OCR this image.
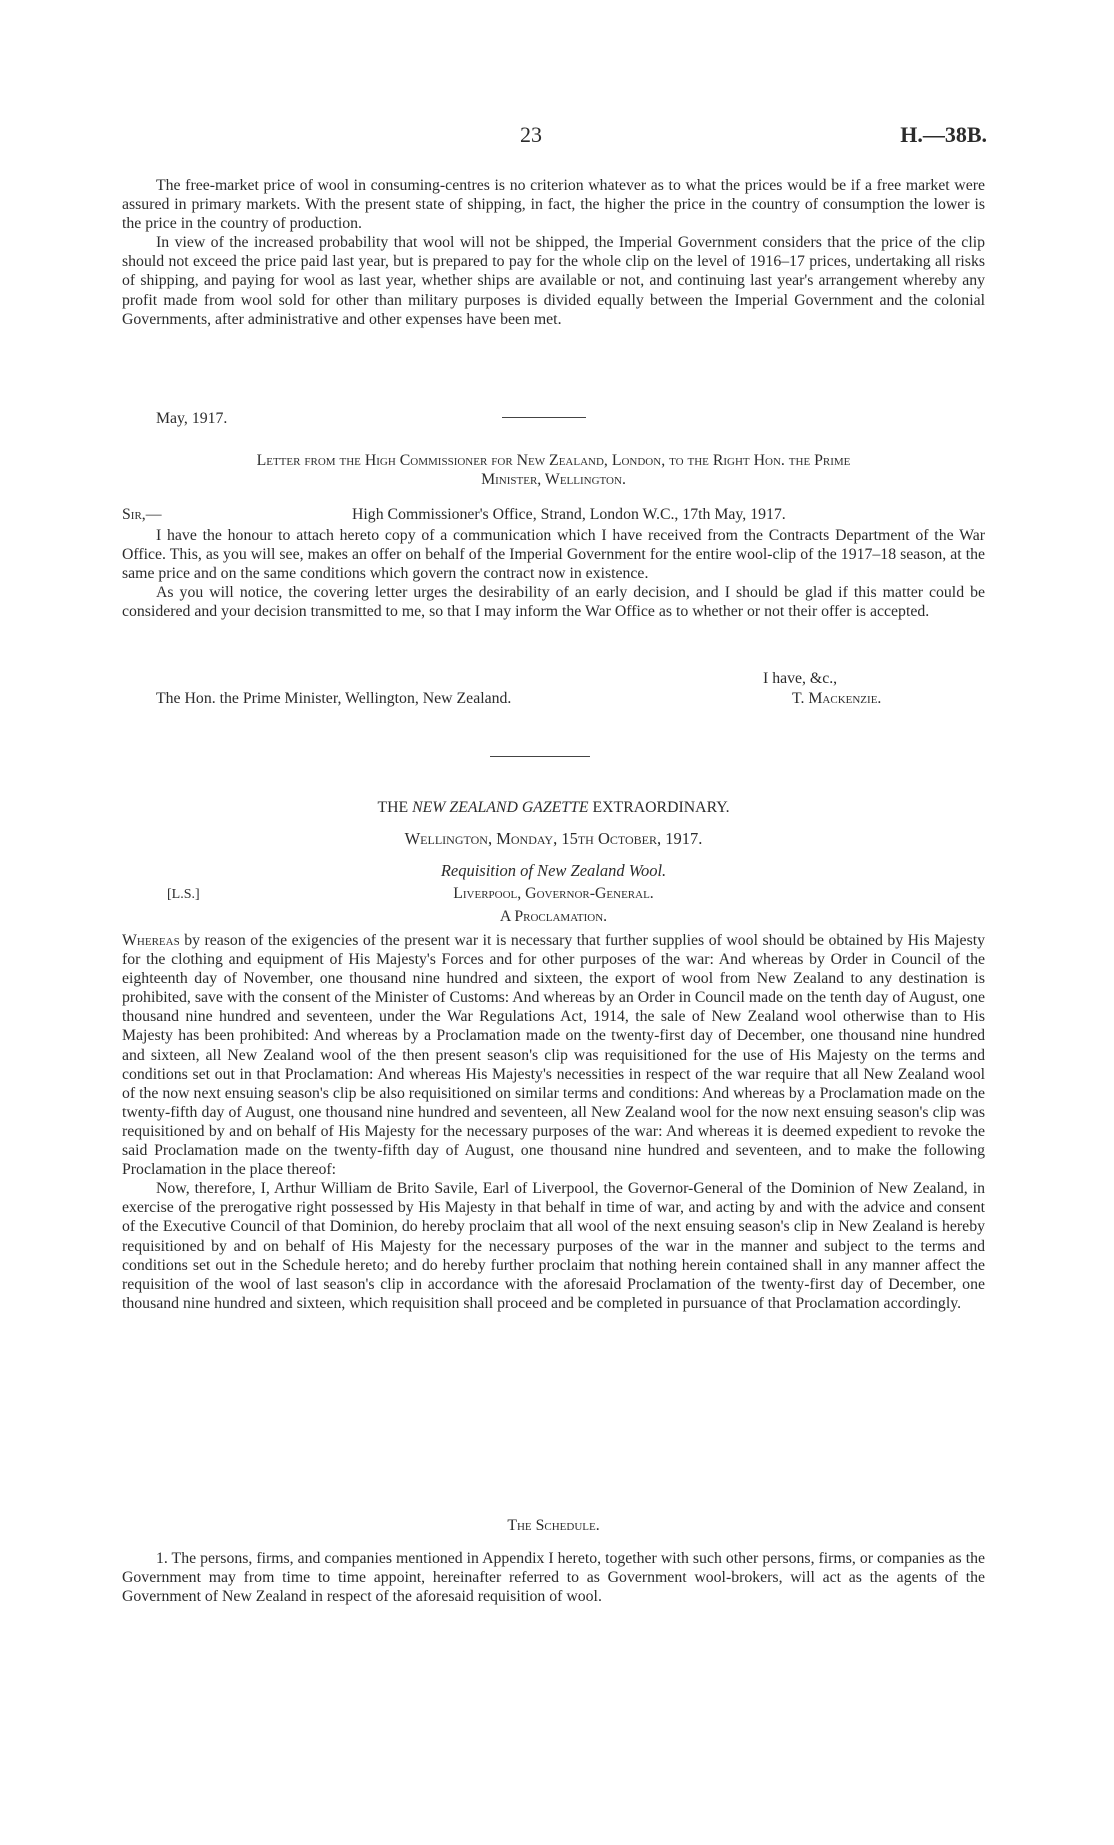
23	H.—38B.

The free-market price of wool in consuming-centres is no criterion whatever as to what the prices would be if a free market were assured in primary markets. With the present state of shipping, in fact, the higher the price in the country of consumption the lower is the price in the country of production.

In view of the increased probability that wool will not be shipped, the Imperial Government considers that the price of the clip should not exceed the price paid last year, but is prepared to pay for the whole clip on the level of 1916–17 prices, undertaking all risks of shipping, and paying for wool as last year, whether ships are available or not, and continuing last year's arrangement whereby any profit made from wool sold for other than military purposes is divided equally between the Imperial Government and the colonial Governments, after administrative and other expenses have been met.

May, 1917.
Letter from the High Commissioner for New Zealand, London, to the Right Hon. the Prime
Minister, Wellington.
Sir,—	High Commissioner's Office, Strand, London W.C., 17th May, 1917.

I have the honour to attach hereto copy of a communication which I have received from the Contracts Department of the War Office. This, as you will see, makes an offer on behalf of the Imperial Government for the entire wool-clip of the 1917–18 season, at the same price and on the same conditions which govern the contract now in existence.

As you will notice, the covering letter urges the desirability of an early decision, and I should be glad if this matter could be considered and your decision transmitted to me, so that I may inform the War Office as to whether or not their offer is accepted.

I have, &c.,
The Hon. the Prime Minister, Wellington, New Zealand.	T. Mackenzie.
THE NEW ZEALAND GAZETTE EXTRAORDINARY.
Wellington, Monday, 15th October, 1917.
Requisition of New Zealand Wool.
[L.S.]	Liverpool, Governor-General.
A Proclamation.

Whereas by reason of the exigencies of the present war it is necessary that further supplies of wool should be obtained by His Majesty for the clothing and equipment of His Majesty's Forces and for other purposes of the war: And whereas by Order in Council of the eighteenth day of November, one thousand nine hundred and sixteen, the export of wool from New Zealand to any destination is prohibited, save with the consent of the Minister of Customs: And whereas by an Order in Council made on the tenth day of August, one thousand nine hundred and seventeen, under the War Regulations Act, 1914, the sale of New Zealand wool otherwise than to His Majesty has been prohibited: And whereas by a Proclamation made on the twenty-first day of December, one thousand nine hundred and sixteen, all New Zealand wool of the then present season's clip was requisitioned for the use of His Majesty on the terms and conditions set out in that Proclamation: And whereas His Majesty's necessities in respect of the war require that all New Zealand wool of the now next ensuing season's clip be also requisitioned on similar terms and conditions: And whereas by a Proclamation made on the twenty-fifth day of August, one thousand nine hundred and seventeen, all New Zealand wool for the now next ensuing season's clip was requisitioned by and on behalf of His Majesty for the necessary purposes of the war: And whereas it is deemed expedient to revoke the said Proclamation made on the twenty-fifth day of August, one thousand nine hundred and seventeen, and to make the following Proclamation in the place thereof:

Now, therefore, I, Arthur William de Brito Savile, Earl of Liverpool, the Governor-General of the Dominion of New Zealand, in exercise of the prerogative right possessed by His Majesty in that behalf in time of war, and acting by and with the advice and consent of the Executive Council of that Dominion, do hereby proclaim that all wool of the next ensuing season's clip in New Zealand is hereby requisitioned by and on behalf of His Majesty for the necessary purposes of the war in the manner and subject to the terms and conditions set out in the Schedule hereto; and do hereby further proclaim that nothing herein contained shall in any manner affect the requisition of the wool of last season's clip in accordance with the aforesaid Proclamation of the twenty-first day of December, one thousand nine hundred and sixteen, which requisition shall proceed and be completed in pursuance of that Proclamation accordingly.

The Schedule.

1. The persons, firms, and companies mentioned in Appendix I hereto, together with such other persons, firms, or companies as the Government may from time to time appoint, hereinafter referred to as Government wool-brokers, will act as the agents of the Government of New Zealand in respect of the aforesaid requisition of wool.
